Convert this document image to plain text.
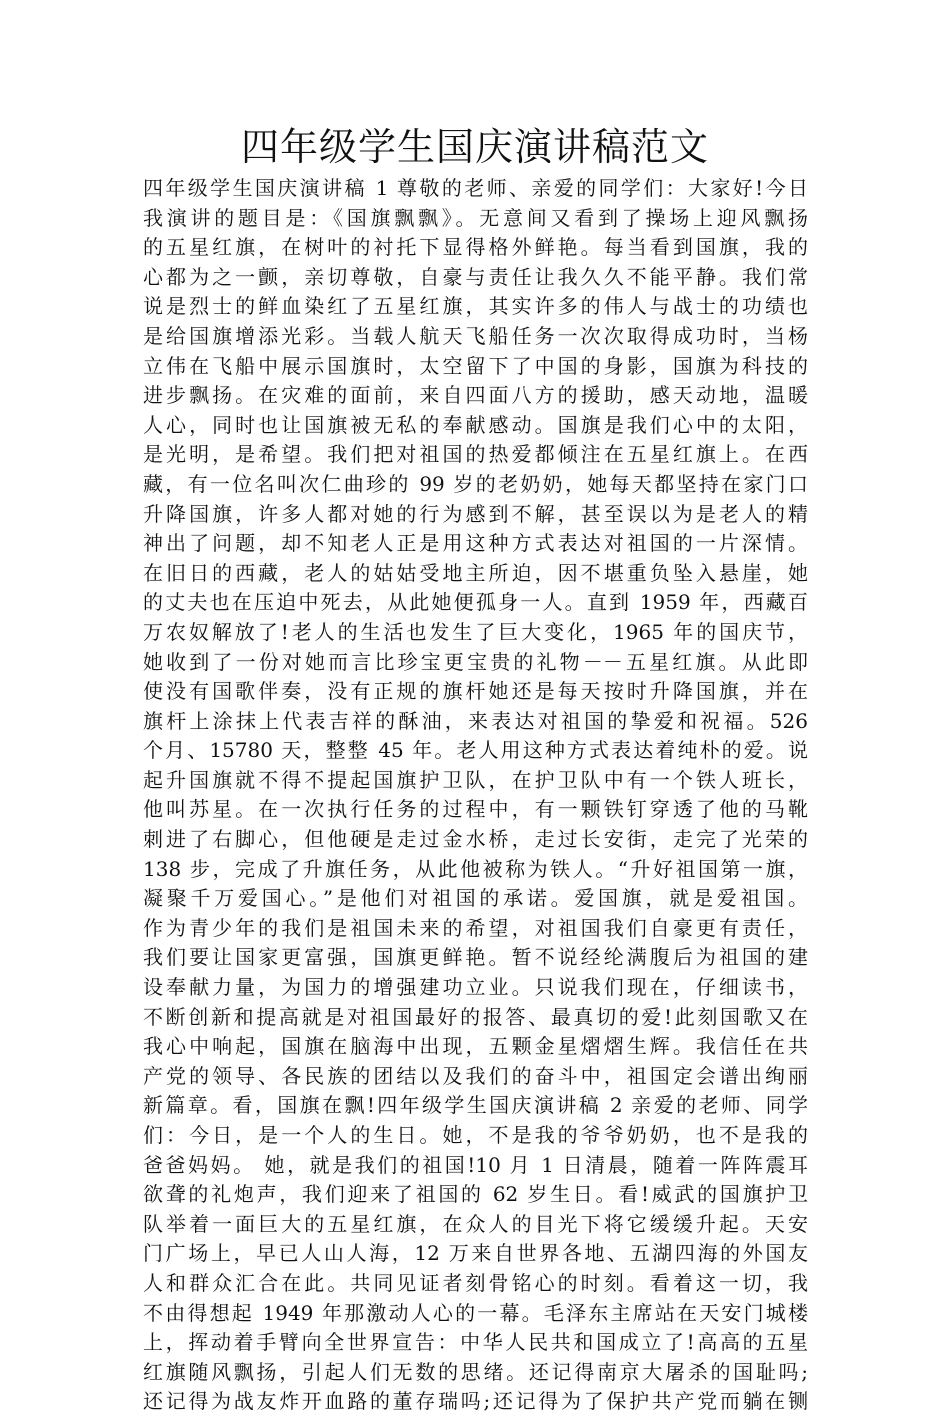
四年级学生国庆演讲稿范文
四年级学生国庆演讲稿 1 尊敬的老师、亲爱的同学们：大家好!今日
我演讲的题目是：《国旗飘飘》。无意间又看到了操场上迎风飘扬
的五星红旗，在树叶的衬托下显得格外鲜艳。每当看到国旗，我的
心都为之一颤，亲切尊敬，自豪与责任让我久久不能平静。我们常
说是烈士的鲜血染红了五星红旗，其实许多的伟人与战士的功绩也
是给国旗增添光彩。当载人航天飞船任务一次次取得成功时，当杨
立伟在飞船中展示国旗时，太空留下了中国的身影，国旗为科技的
进步飘扬。在灾难的面前，来自四面八方的援助，感天动地，温暖
人心，同时也让国旗被无私的奉献感动。国旗是我们心中的太阳，
是光明，是希望。我们把对祖国的热爱都倾注在五星红旗上。在西
藏，有一位名叫次仁曲珍的 99 岁的老奶奶，她每天都坚持在家门口
升降国旗，许多人都对她的行为感到不解，甚至误以为是老人的精
神出了问题，却不知老人正是用这种方式表达对祖国的一片深情。
在旧日的西藏，老人的姑姑受地主所迫，因不堪重负坠入悬崖，她
的丈夫也在压迫中死去，从此她便孤身一人。直到 1959 年，西藏百
万农奴解放了!老人的生活也发生了巨大变化，1965 年的国庆节，
她收到了一份对她而言比珍宝更宝贵的礼物－－五星红旗。从此即
使没有国歌伴奏，没有正规的旗杆她还是每天按时升降国旗，并在
旗杆上涂抹上代表吉祥的酥油，来表达对祖国的挚爱和祝福。526
个月、15780 天，整整 45 年。老人用这种方式表达着纯朴的爱。说
起升国旗就不得不提起国旗护卫队，在护卫队中有一个铁人班长，
他叫苏星。在一次执行任务的过程中，有一颗铁钉穿透了他的马靴
刺进了右脚心，但他硬是走过金水桥，走过长安街，走完了光荣的
138 步，完成了升旗任务，从此他被称为铁人。“升好祖国第一旗，
凝聚千万爱国心。”是他们对祖国的承诺。爱国旗，就是爱祖国。
作为青少年的我们是祖国未来的希望，对祖国我们自豪更有责任，
我们要让国家更富强，国旗更鲜艳。暂不说经纶满腹后为祖国的建
设奉献力量，为国力的增强建功立业。只说我们现在，仔细读书，
不断创新和提高就是对祖国最好的报答、最真切的爱!此刻国歌又在
我心中响起，国旗在脑海中出现，五颗金星熠熠生辉。我信任在共
产党的领导、各民族的团结以及我们的奋斗中，祖国定会谱出绚丽
新篇章。看，国旗在飘!四年级学生国庆演讲稿 2 亲爱的老师、同学
们：今日，是一个人的生日。她，不是我的爷爷奶奶，也不是我的
爸爸妈妈。 她，就是我们的祖国!10 月 1 日清晨，随着一阵阵震耳
欲聋的礼炮声，我们迎来了祖国的 62 岁生日。看!威武的国旗护卫
队举着一面巨大的五星红旗，在众人的目光下将它缓缓升起。天安
门广场上，早已人山人海，12 万来自世界各地、五湖四海的外国友
人和群众汇合在此。共同见证者刻骨铭心的时刻。看着这一切，我
不由得想起 1949 年那激动人心的一幕。毛泽东主席站在天安门城楼
上，挥动着手臂向全世界宣告：中华人民共和国成立了!高高的五星
红旗随风飘扬，引起人们无数的思绪。还记得南京大屠杀的国耻吗;
还记得为战友炸开血路的董存瑞吗;还记得为了保护共产党而躺在铡
